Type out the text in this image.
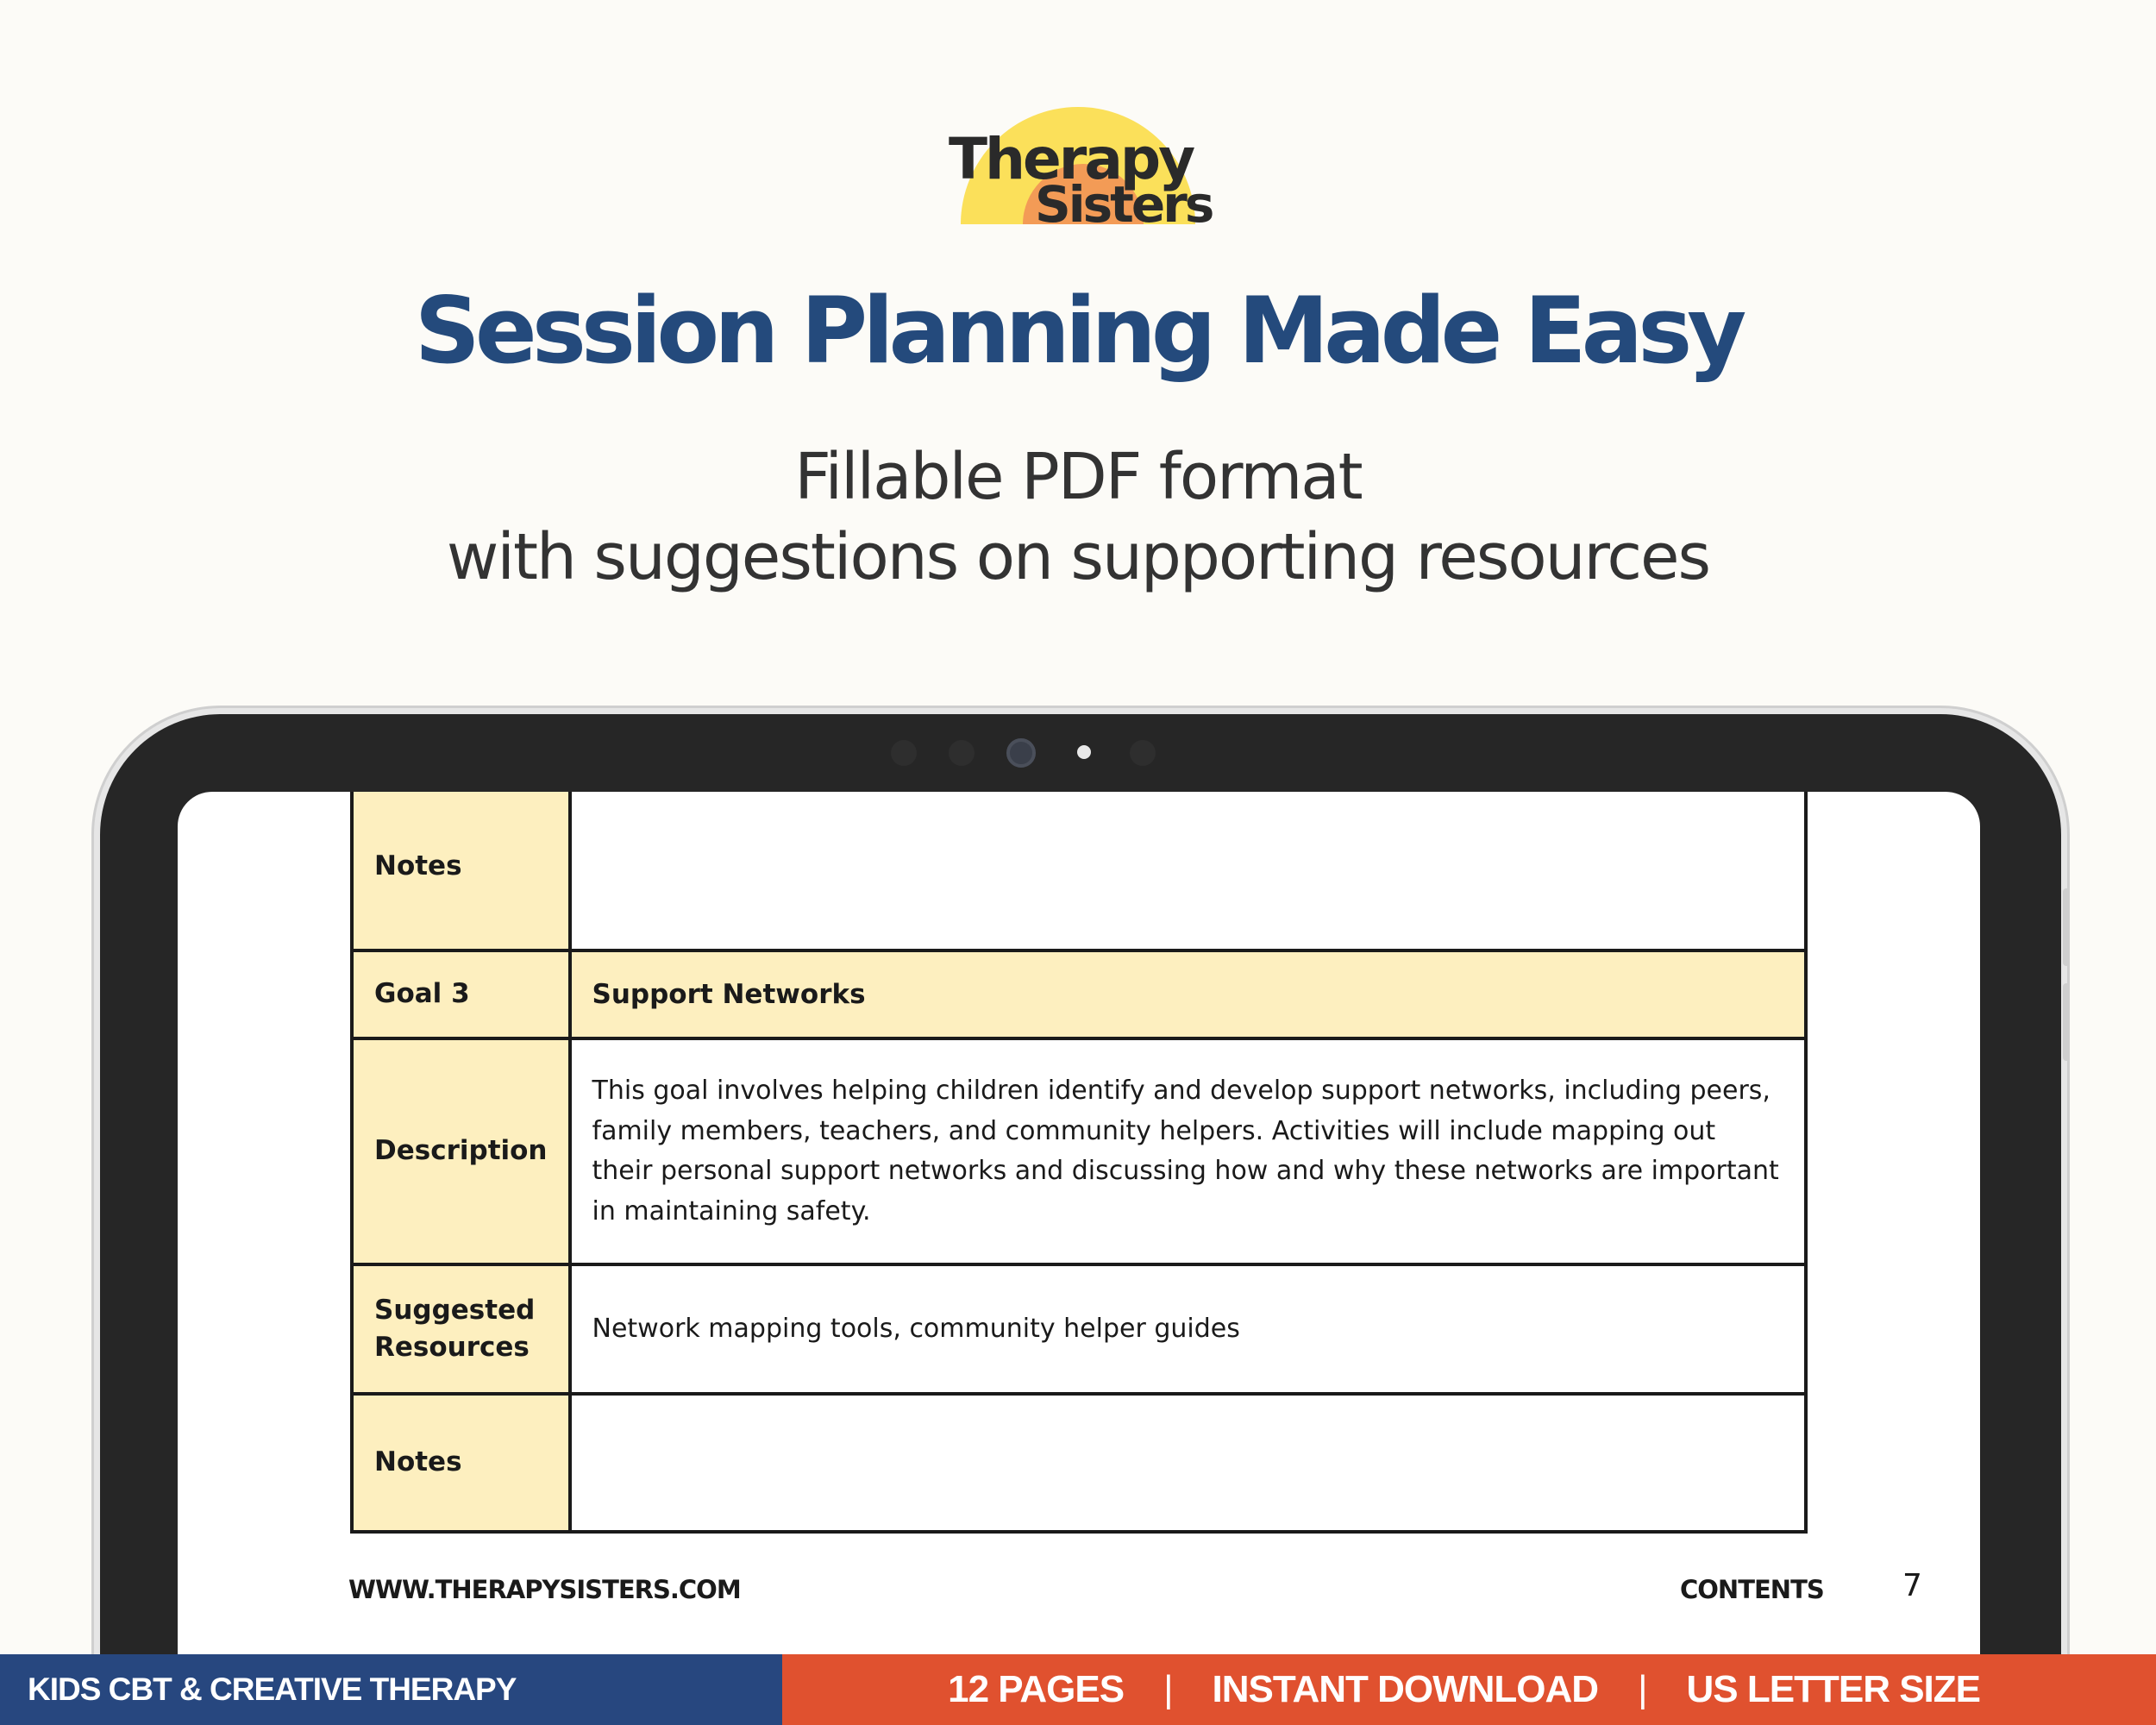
Therapy
Sisters
Session Planning Made Easy
Fillable PDF format
with suggestions on supporting resources
Notes	
Goal 3	Support Networks
Description	This goal involves helping children identify and develop support networks, including peers, family members, teachers, and community helpers. Activities will include mapping out their personal support networks and discussing how and why these networks are important in maintaining safety.
Suggested Resources	Network mapping tools, community helper guides
Notes	
WWW.THERAPYSISTERS.COM	CONTENTS	7
KIDS CBT & CREATIVE THERAPY	12 PAGES | INSTANT DOWNLOAD | US LETTER SIZE
